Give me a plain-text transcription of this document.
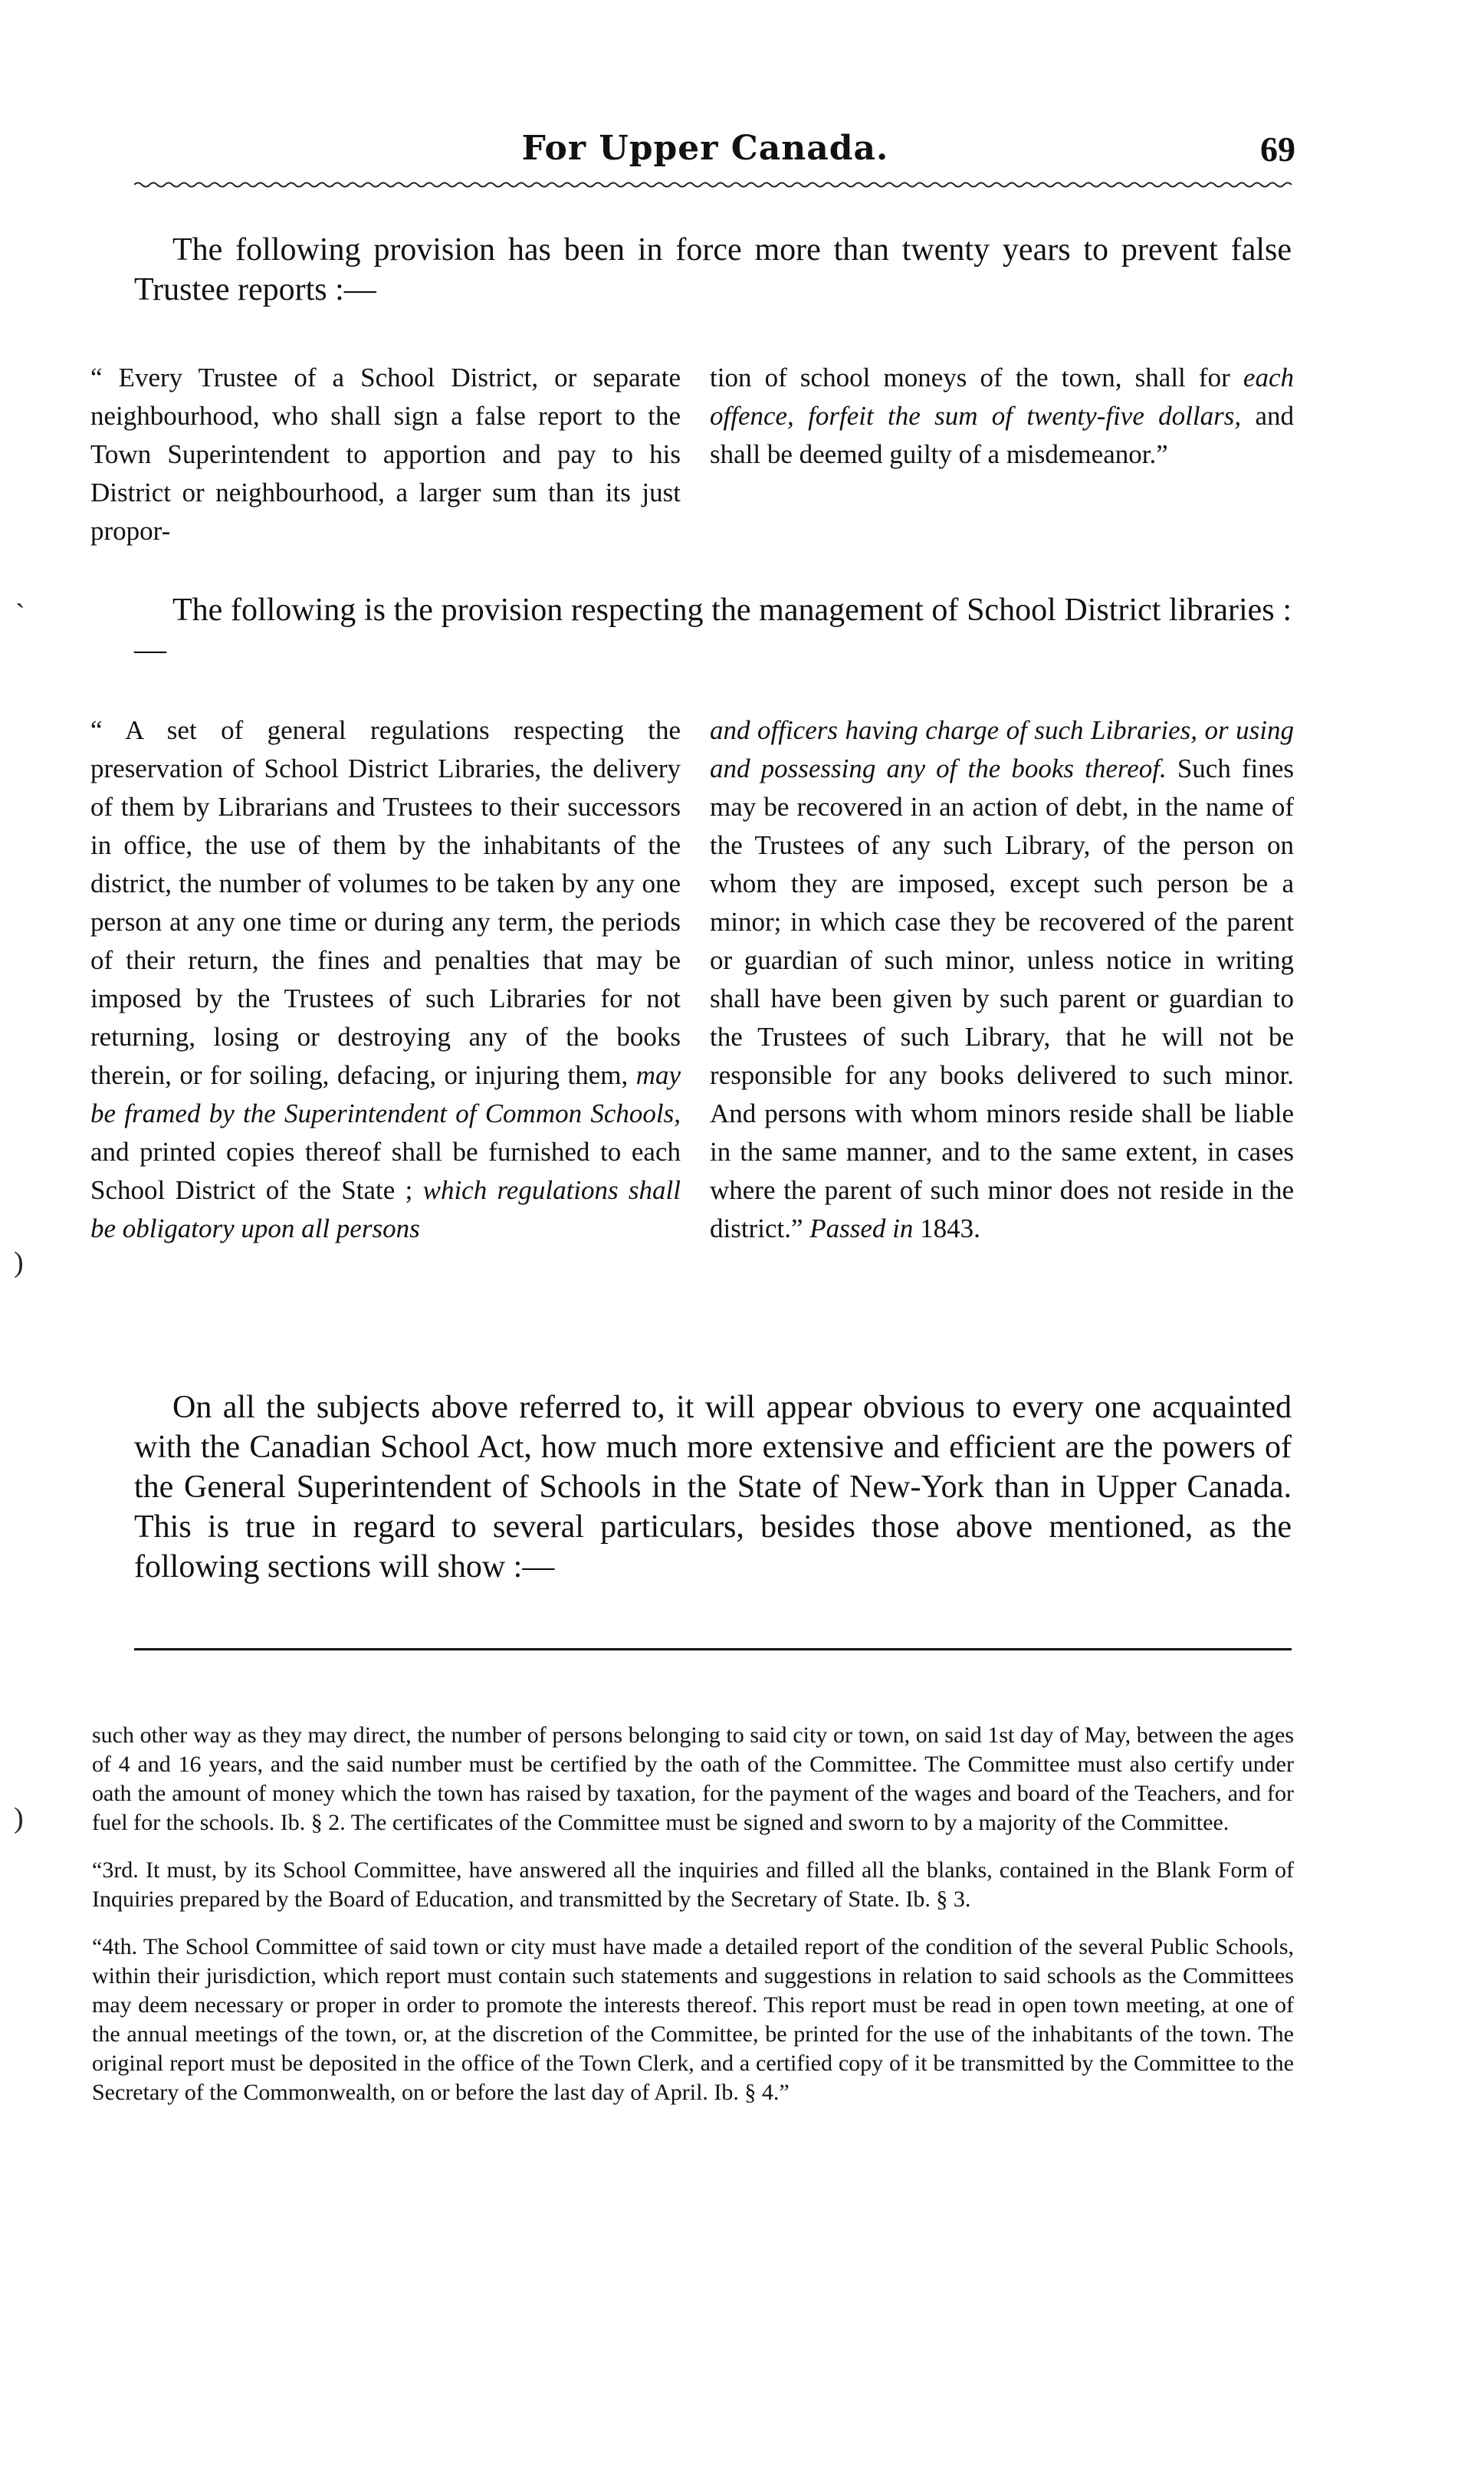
For Upper Canada.	69
The following provision has been in force more than twenty years to prevent false Trustee reports :—
“ Every Trustee of a School District, or separate neighbourhood, who shall sign a false report to the Town Superintendent to apportion and pay to his District or neighbourhood, a larger sum than its just propor-
tion of school moneys of the town, shall for each offence, forfeit the sum of twenty-five dollars, and shall be deemed guilty of a misdemeanor.”
The following is the provision respecting the management of School District libraries :—
“ A set of general regulations respecting the preservation of School District Libraries, the delivery of them by Librarians and Trustees to their successors in office, the use of them by the inhabitants of the district, the number of volumes to be taken by any one person at any one time or during any term, the periods of their return, the fines and penalties that may be imposed by the Trustees of such Libraries for not returning, losing or destroying any of the books therein, or for soiling, defacing, or injuring them, may be framed by the Superintendent of Common Schools, and printed copies thereof shall be furnished to each School District of the State ; which regulations shall be obligatory upon all persons
and officers having charge of such Libraries, or using and possessing any of the books thereof. Such fines may be recovered in an action of debt, in the name of the Trustees of any such Library, of the person on whom they are imposed, except such person be a minor; in which case they be recovered of the parent or guardian of such minor, unless notice in writing shall have been given by such parent or guardian to the Trustees of such Library, that he will not be responsible for any books delivered to such minor. And persons with whom minors reside shall be liable in the same manner, and to the same extent, in cases where the parent of such minor does not reside in the district.” Passed in 1843.
On all the subjects above referred to, it will appear obvious to every one acquainted with the Canadian School Act, how much more extensive and efficient are the powers of the General Superintendent of Schools in the State of New-York than in Upper Canada. This is true in regard to several particulars, besides those above mentioned, as the following sections will show :—

such other way as they may direct, the number of persons belonging to said city or town, on said 1st day of May, between the ages of 4 and 16 years, and the said number must be certified by the oath of the Committee. The Committee must also certify under oath the amount of money which the town has raised by taxation, for the payment of the wages and board of the Teachers, and for fuel for the schools. Ib. § 2. The certificates of the Committee must be signed and sworn to by a majority of the Committee.

“3rd. It must, by its School Committee, have answered all the inquiries and filled all the blanks, contained in the Blank Form of Inquiries prepared by the Board of Education, and transmitted by the Secretary of State. Ib. § 3.

“4th. The School Committee of said town or city must have made a detailed report of the condition of the several Public Schools, within their jurisdiction, which report must contain such statements and suggestions in relation to said schools as the Committees may deem necessary or proper in order to promote the interests thereof. This report must be read in open town meeting, at one of the annual meetings of the town, or, at the discretion of the Committee, be printed for the use of the inhabitants of the town. The original report must be deposited in the office of the Town Clerk, and a certified copy of it be transmitted by the Committee to the Secretary of the Commonwealth, on or before the last day of April. Ib. § 4.”

`
)
)
